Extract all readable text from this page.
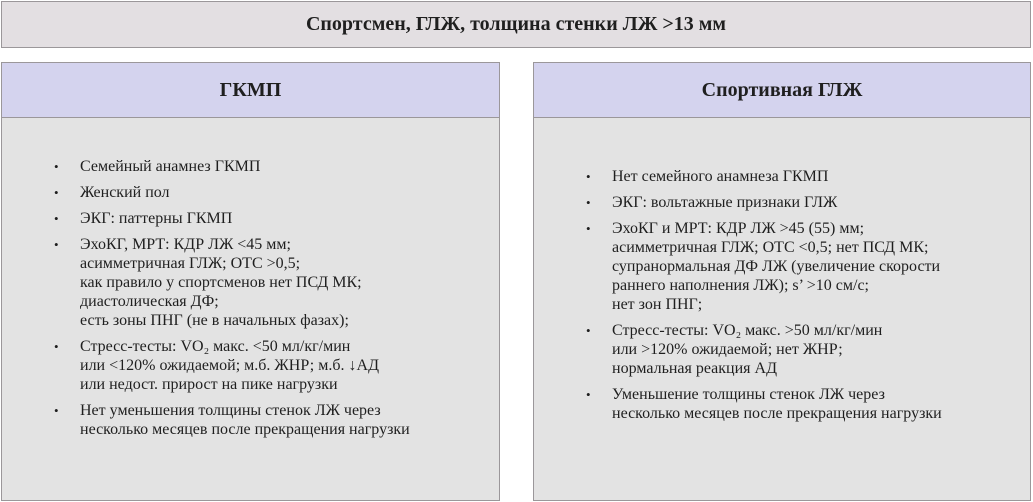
Спортсмен, ГЛЖ, толщина стенки ЛЖ >13 мм
ГКМП
• Семейный анамнез ГКМП
• Женский пол
• ЭКГ: паттерны ГКМП
• ЭхоКГ, МРТ: КДР ЛЖ <45 мм;
асимметричная ГЛЖ; ОТС >0,5;
как правило у спортсменов нет ПСД МК;
диастолическая ДФ;
есть зоны ПНГ (не в начальных фазах);
• Стресс-тесты: VO₂ макс. <50 мл/кг/мин
или <120% ожидаемой; м.б. ЖНР; м.б. ↓АД
или недост. прирост на пике нагрузки
• Нет уменьшения толщины стенок ЛЖ через
несколько месяцев после прекращения нагрузки
Спортивная ГЛЖ
• Нет семейного анамнеза ГКМП
• ЭКГ: вольтажные признаки ГЛЖ
• ЭхоКГ и МРТ: КДР ЛЖ >45 (55) мм;
асимметричная ГЛЖ; ОТС <0,5; нет ПСД МК;
супранормальная ДФ ЛЖ (увеличение скорости
раннего наполнения ЛЖ); s’ >10 см/с;
нет зон ПНГ;
• Стресс-тесты: VO₂ макс. >50 мл/кг/мин
или >120% ожидаемой; нет ЖНР;
нормальная реакция АД
• Уменьшение толщины стенок ЛЖ через
несколько месяцев после прекращения нагрузки
